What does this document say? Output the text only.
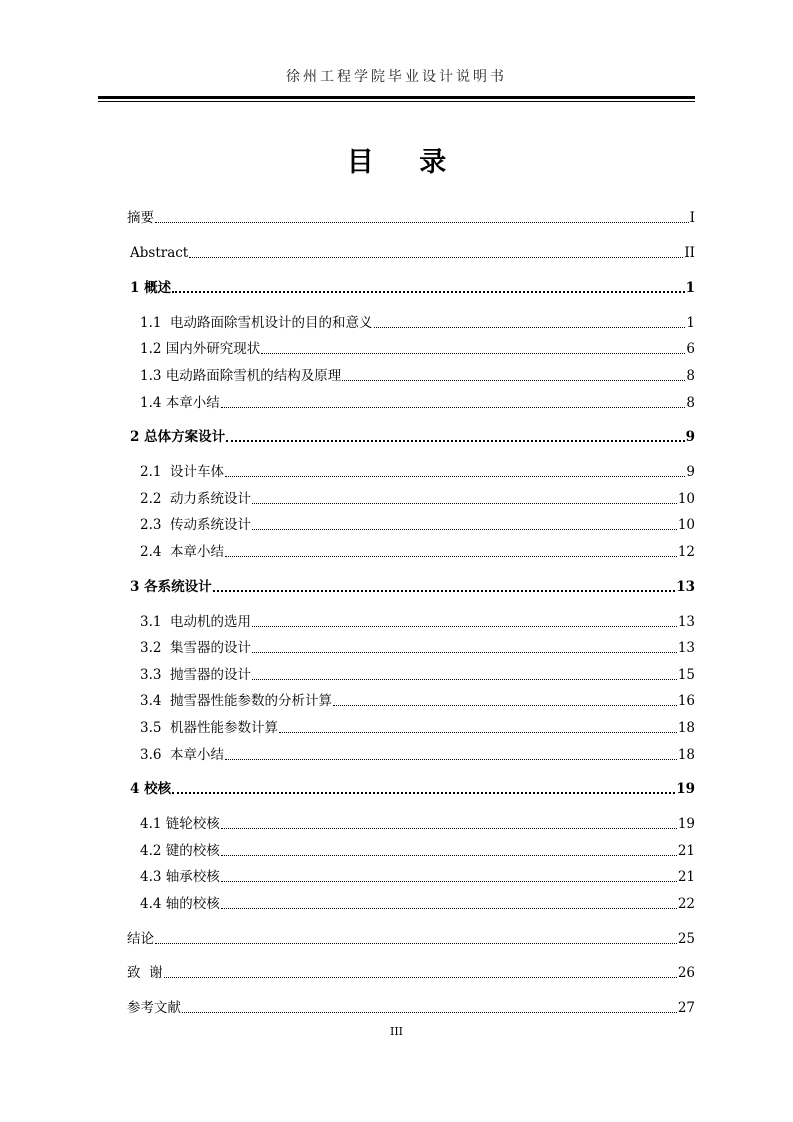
徐州工程学院毕业设计说明书
目 录
摘要	I
Abstract	II
1 概述	1
1.1  电动路面除雪机设计的目的和意义	1
1.2 国内外研究现状	6
1.3 电动路面除雪机的结构及原理	8
1.4 本章小结	8
2 总体方案设计	9
2.1  设计车体	9
2.2  动力系统设计	10
2.3  传动系统设计	10
2.4  本章小结	12
3 各系统设计	13
3.1  电动机的选用	13
3.2  集雪器的设计	13
3.3  抛雪器的设计	15
3.4  抛雪器性能参数的分析计算	16
3.5  机器性能参数计算	18
3.6  本章小结	18
4 校核	19
4.1 链轮校核	19
4.2 键的校核	21
4.3 轴承校核	21
4.4 轴的校核	22
结论	25
致  谢	26
参考文献	27
III
